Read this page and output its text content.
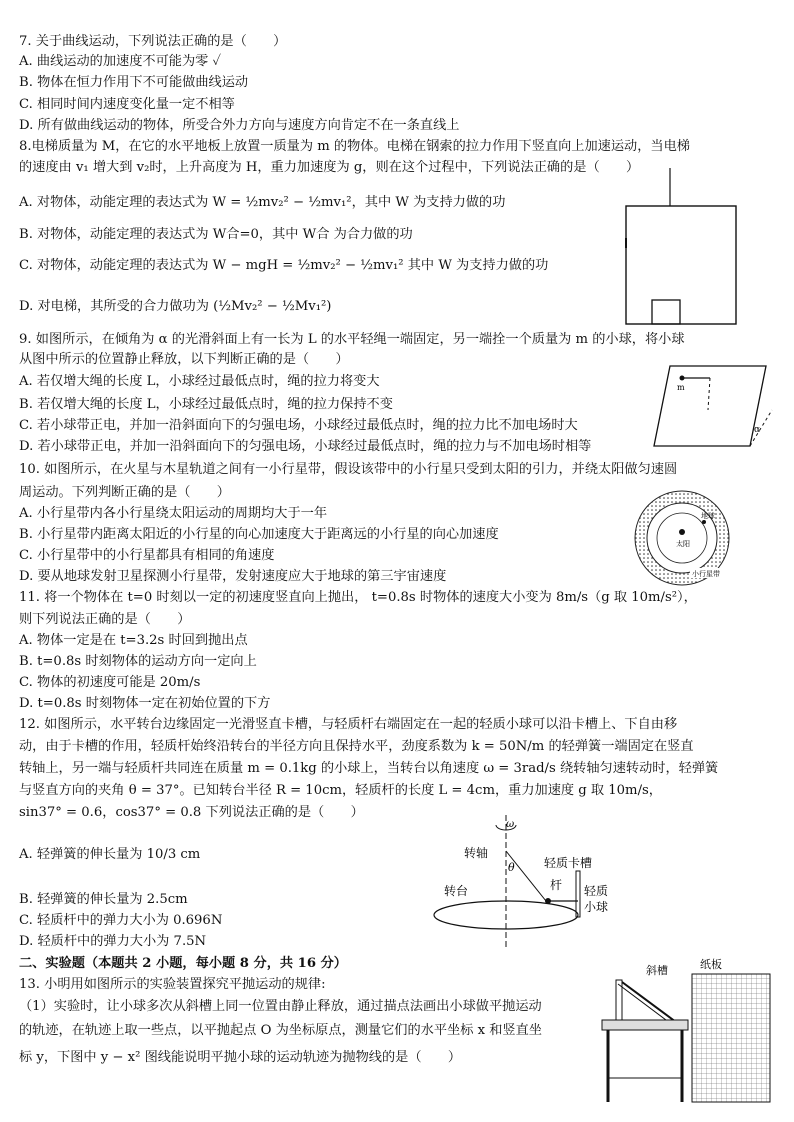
7. 关于曲线运动，下列说法正确的是（　　）
A. 曲线运动的加速度不可能为零 ✓
B. 物体在恒力作用下不可能做曲线运动
C. 相同时间内速度变化量一定不相等
D. 所有做曲线运动的物体，所受合外力方向与速度方向肯定不在一条直线上
8.电梯质量为 M，在它的水平地板上放置一质量为 m 的物体。电梯在钢索的拉力作用下竖直向上加速运动，当电梯
的速度由 v₁ 增大到 v₂时，上升高度为 H，重力加速度为 g，则在这个过程中，下列说法正确的是（　　）
A. 对物体，动能定理的表达式为 W = ½mv₂² − ½mv₁²，其中 W 为支持力做的功
B. 对物体，动能定理的表达式为 W合=0，其中 W合 为合力做的功
C. 对物体，动能定理的表达式为 W − mgH = ½mv₂² − ½mv₁² 其中 W 为支持力做的功
D. 对电梯，其所受的合力做功为 (½Mv₂² − ½Mv₁²)
9. 如图所示，在倾角为 α 的光滑斜面上有一长为 L 的水平轻绳一端固定，另一端拴一个质量为 m 的小球，将小球
从图中所示的位置静止释放，以下判断正确的是（　　）
A. 若仅增大绳的长度 L，小球经过最低点时，绳的拉力将变大
B. 若仅增大绳的长度 L，小球经过最低点时，绳的拉力保持不变
C. 若小球带正电，并加一沿斜面向下的匀强电场，小球经过最低点时，绳的拉力比不加电场时大
D. 若小球带正电，并加一沿斜面向下的匀强电场，小球经过最低点时，绳的拉力与不加电场时相等
m
α
10. 如图所示，在火星与木星轨道之间有一小行星带，假设该带中的小行星只受到太阳的引力，并绕太阳做匀速圆
周运动。下列判断正确的是（　　）
A. 小行星带内各小行星绕太阳运动的周期均大于一年
B. 小行星带内距离太阳近的小行星的向心加速度大于距离远的小行星的向心加速度
C. 小行星带中的小行星都具有相同的角速度
D. 要从地球发射卫星探测小行星带，发射速度应大于地球的第三宇宙速度
太阳
地球
小行星带
11. 将一个物体在 t=0 时刻以一定的初速度竖直向上抛出， t=0.8s 时物体的速度大小变为 8m/s（g 取 10m/s²），
则下列说法正确的是（　　）
A. 物体一定是在 t=3.2s 时回到抛出点
B. t=0.8s 时刻物体的运动方向一定向上
C. 物体的初速度可能是 20m/s
D. t=0.8s 时刻物体一定在初始位置的下方
12. 如图所示，水平转台边缘固定一光滑竖直卡槽，与轻质杆右端固定在一起的轻质小球可以沿卡槽上、下自由移
动，由于卡槽的作用，轻质杆始终沿转台的半径方向且保持水平，劲度系数为 k = 50N/m 的轻弹簧一端固定在竖直
转轴上，另一端与轻质杆共同连在质量 m = 0.1kg 的小球上，当转台以角速度 ω = 3rad/s 绕转轴匀速转动时，轻弹簧
与竖直方向的夹角 θ = 37°。已知转台半径 R = 10cm，轻质杆的长度 L = 4cm，重力加速度 g 取 10m/s，
sin37° = 0.6，cos37° = 0.8 下列说法正确的是（　　）
A. 轻弹簧的伸长量为 10/3 cm
B. 轻弹簧的伸长量为 2.5cm
C. 轻质杆中的弹力大小为 0.696N
D. 轻质杆中的弹力大小为 7.5N
ω
转轴
θ
转台
轻质卡槽
杆 轻质
小球
二、实验题（本题共 2 小题，每小题 8 分，共 16 分）
13. 小明用如图所示的实验装置探究平抛运动的规律:
（1）实验时，让小球多次从斜槽上同一位置由静止释放，通过描点法画出小球做平抛运动
的轨迹，在轨迹上取一些点，以平抛起点 O 为坐标原点，测量它们的水平坐标 x 和竖直坐
标 y，下图中 y − x² 图线能说明平抛小球的运动轨迹为抛物线的是（　　）
斜槽	纸板
